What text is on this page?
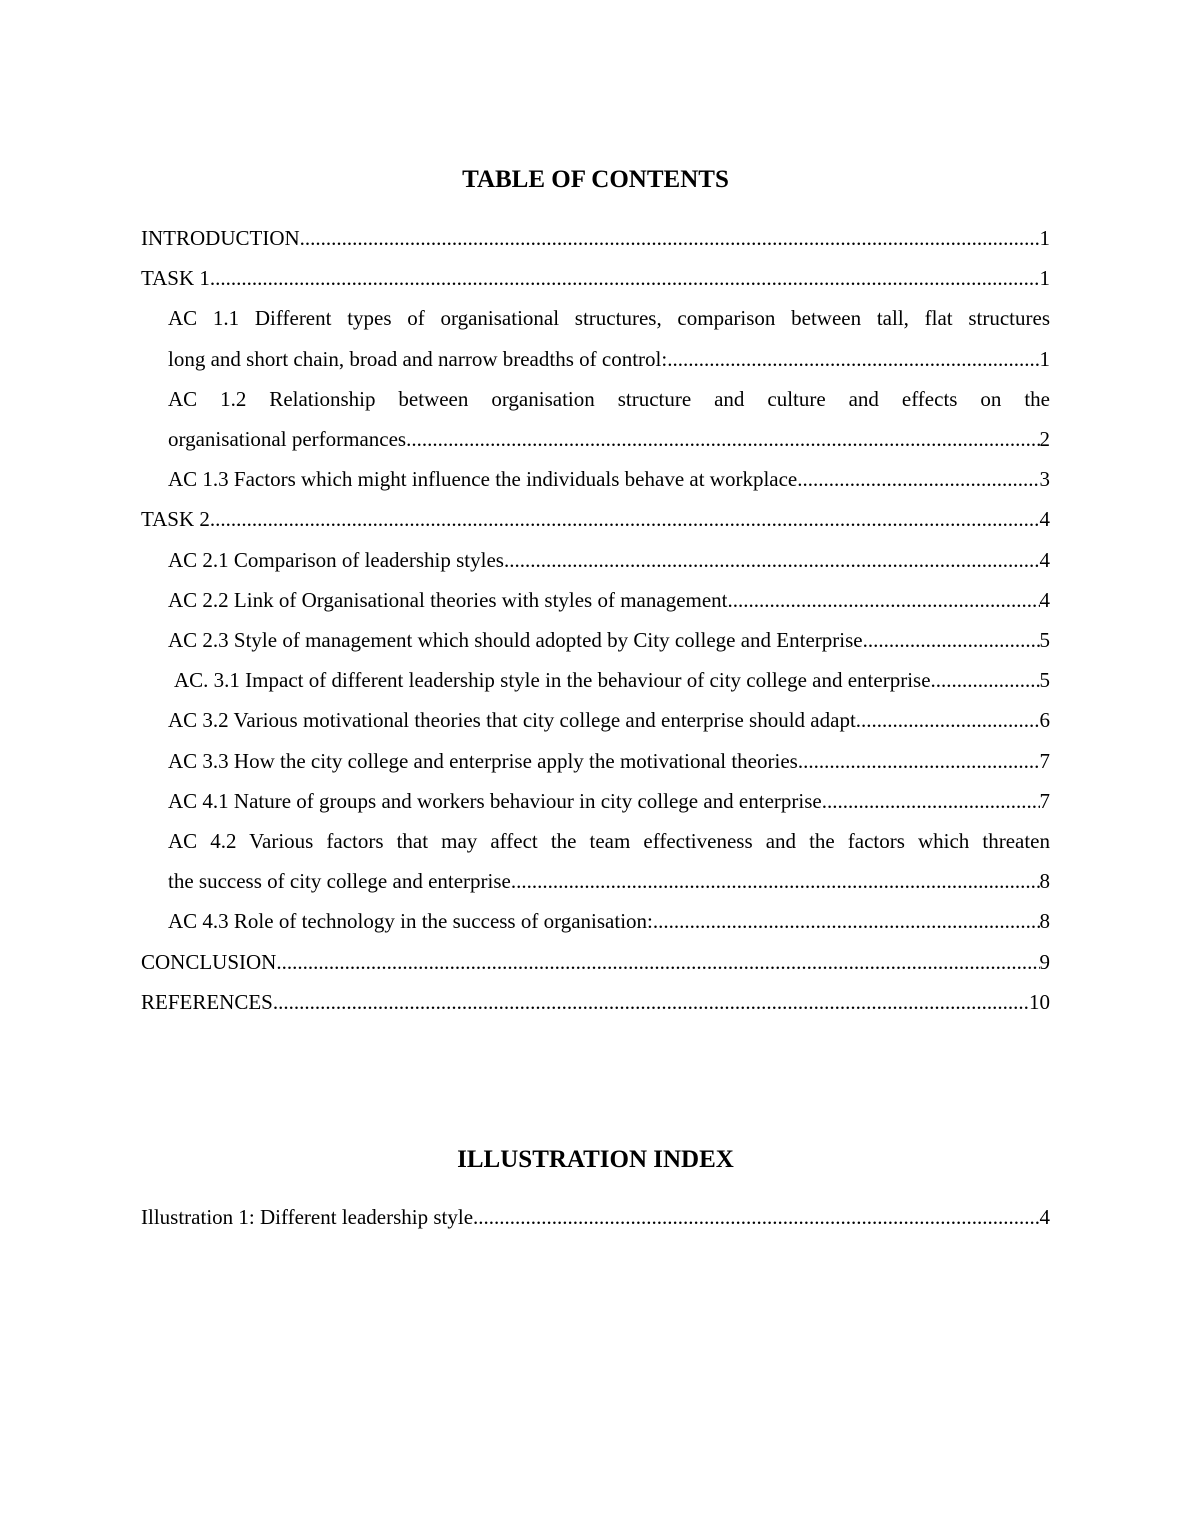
TABLE OF CONTENTS
INTRODUCTION .....	1
TASK 1 .....	1
AC 1.1 Different types of organisational structures, comparison between tall, flat structures
long and short chain, broad and narrow breadths of control: .....	1
AC 1.2 Relationship between organisation structure and culture and effects on the
organisational performances .....	2
AC 1.3 Factors which might influence the individuals behave at workplace .....	3
TASK 2 .....	4
AC 2.1 Comparison of leadership styles .....	4
AC 2.2 Link of Organisational theories with styles of management .....	4
AC 2.3 Style of management which should adopted by City college and Enterprise .....	5
AC. 3.1 Impact of different leadership style in the behaviour of city college and enterprise .....	5
AC 3.2 Various motivational theories that city college and enterprise should adapt .....	6
AC 3.3 How the city college and enterprise apply the motivational theories .....	7
AC 4.1 Nature of groups and workers behaviour in city college and enterprise .....	7
AC 4.2 Various factors that may affect the team effectiveness and the factors which threaten
the success of city college and enterprise .....	8
AC 4.3 Role of technology in the success of organisation: .....	8
CONCLUSION .....	9
REFERENCES .....	10
ILLUSTRATION INDEX
Illustration 1: Different leadership style .....	4
